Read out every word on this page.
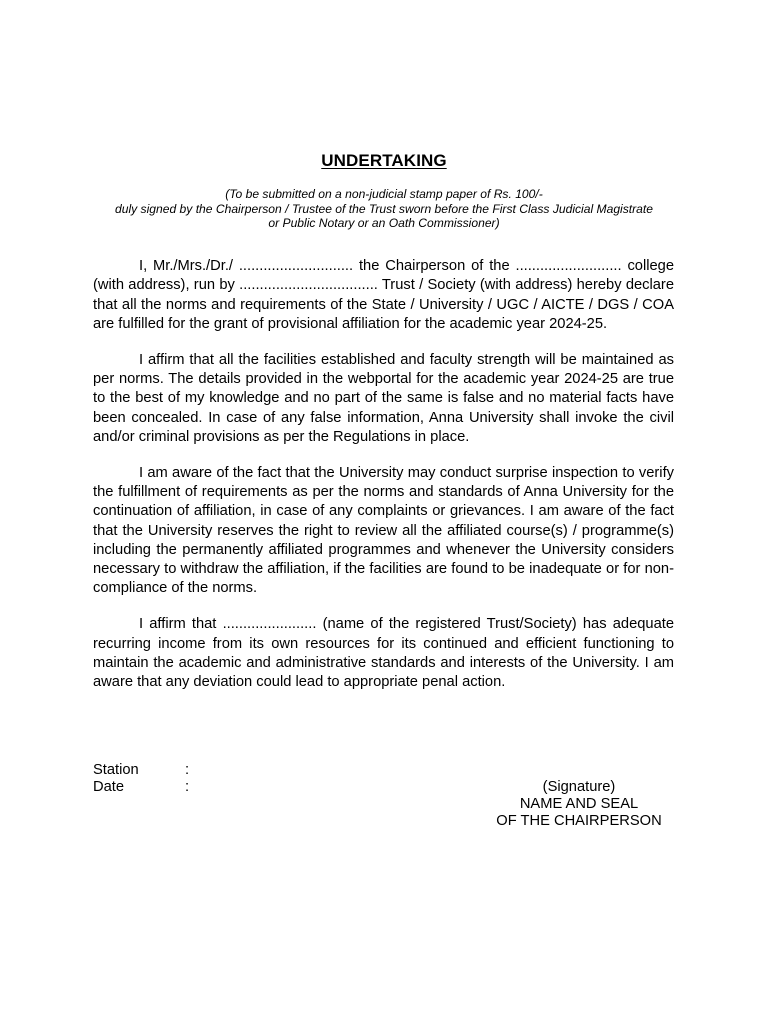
UNDERTAKING
(To be submitted on a non-judicial stamp paper of Rs. 100/-
duly signed by the Chairperson / Trustee of the Trust sworn before the First Class Judicial Magistrate
or Public Notary or an Oath Commissioner)

I, Mr./Mrs./Dr./ ............................ the Chairperson of the .......................... college (with address), run by .................................. Trust / Society (with address) hereby declare that all the norms and requirements of the State / University / UGC / AICTE / DGS / COA are fulfilled for the grant of provisional affiliation for the academic year 2024-25.

I affirm that all the facilities established and faculty strength will be maintained as per norms. The details provided in the webportal for the academic year 2024-25 are true to the best of my knowledge and no part of the same is false and no material facts have been concealed. In case of any false information, Anna University shall invoke the civil and/or criminal provisions as per the Regulations in place.

I am aware of the fact that the University may conduct surprise inspection to verify the fulfillment of requirements as per the norms and standards of Anna University for the continuation of affiliation, in case of any complaints or grievances. I am aware of the fact that the University reserves the right to review all the affiliated course(s) / programme(s) including the permanently affiliated programmes and whenever the University considers necessary to withdraw the affiliation, if the facilities are found to be inadequate or for non-compliance of the norms.

I affirm that ....................... (name of the registered Trust/Society) has adequate recurring income from its own resources for its continued and efficient functioning to maintain the academic and administrative standards and interests of the University. I am aware that any deviation could lead to appropriate penal action.

Station	:
Date	:	(Signature)
NAME AND SEAL
OF THE CHAIRPERSON
